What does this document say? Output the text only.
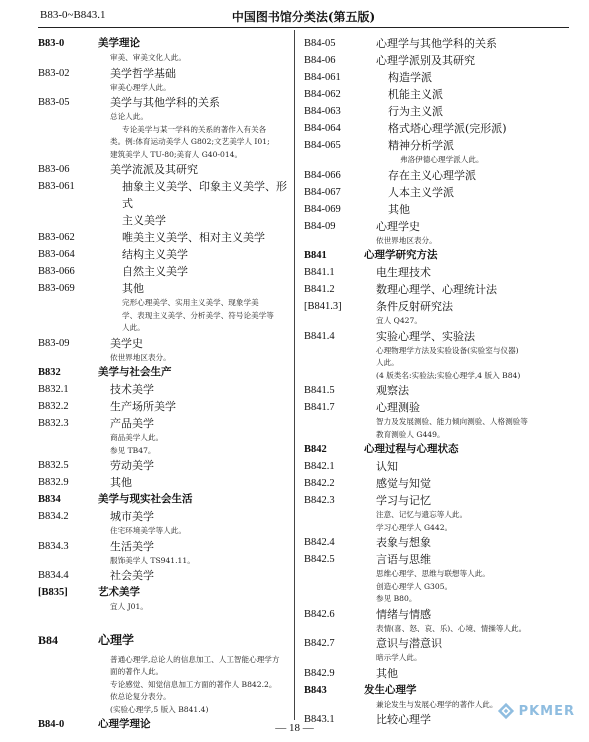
B83-0~B843.1	中国图书馆分类法(第五版)
B83-0	美学理论
审美、审美文化人此。
B83-02	美学哲学基础
审美心理学人此。
B83-05	美学与其他学科的关系
总论人此。
专论美学与某一学科的关系的著作入有关各
类。例:体育运动美学人 G802;文艺美学人 I01;
建筑美学人 TU-80;美育人 G40-014。
B83-06	美学流派及其研究
B83-061	抽象主义美学、印象主义美学、形式
主义美学
B83-062	唯美主义美学、相对主义美学
B83-064	结构主义美学
B83-066	自然主义美学
B83-069	其他
完形心理美学、实用主义美学、现象学美
学、表现主义美学、分析美学、符号论美学等
人此。
B83-09	美学史
依世界地区表分。
B832	美学与社会生产
B832.1	技术美学
B832.2	生产场所美学
B832.3	产品美学
商品美学人此。
参见 TB47。
B832.5	劳动美学
B832.9	其他
B834	美学与现实社会生活
B834.2	城市美学
住宅环境美学等人此。
B834.3	生活美学
服饰美学人 TS941.11。
B834.4	社会美学
[B835]	艺术美学
宜人 J01。
B84	心理学
普通心理学,总论人的信息加工、人工智能心理学方
面的著作人此。
专论感觉、知觉信息加工方面的著作人 B842.2。
依总论复分表分。
(实验心理学,5 版入 B841.4)
B84-0	心理学理论
B84-05	心理学与其他学科的关系
B84-06	心理学派别及其研究
B84-061	构造学派
B84-062	机能主义派
B84-063	行为主义派
B84-064	格式塔心理学派(完形派)
B84-065	精神分析学派
弗洛伊德心理学派人此。
B84-066	存在主义心理学派
B84-067	人本主义学派
B84-069	其他
B84-09	心理学史
依世界地区表分。
B841	心理学研究方法
B841.1	电生理技术
B841.2	数理心理学、心理统计法
[B841.3]	条件反射研究法
宜人 Q427。
B841.4	实验心理学、实验法
心理物理学方法及实验设备(实验室与仪器)
人此。
(4 版类名:实验法;实验心理学,4 版入 B84)
B841.5	观察法
B841.7	心理测验
智力及发展测验、能力倾向测验、人格测验等
教育测验人 G449。
B842	心理过程与心理状态
B842.1	认知
B842.2	感觉与知觉
B842.3	学习与记忆
注意、记忆与遗忘等人此。
学习心理学人 G442。
B842.4	表象与想象
B842.5	言语与思维
思维心理学、思维与联想等人此。
创造心理学人 G305。
参见 B80。
B842.6	情绪与情感
表情(喜、怒、哀、乐)、心境、情操等人此。
B842.7	意识与潜意识
暗示学人此。
B842.9	其他
B843	发生心理学
兼论发生与发展心理学的著作人此。
B843.1	比较心理学
— 18 —
PKMER
